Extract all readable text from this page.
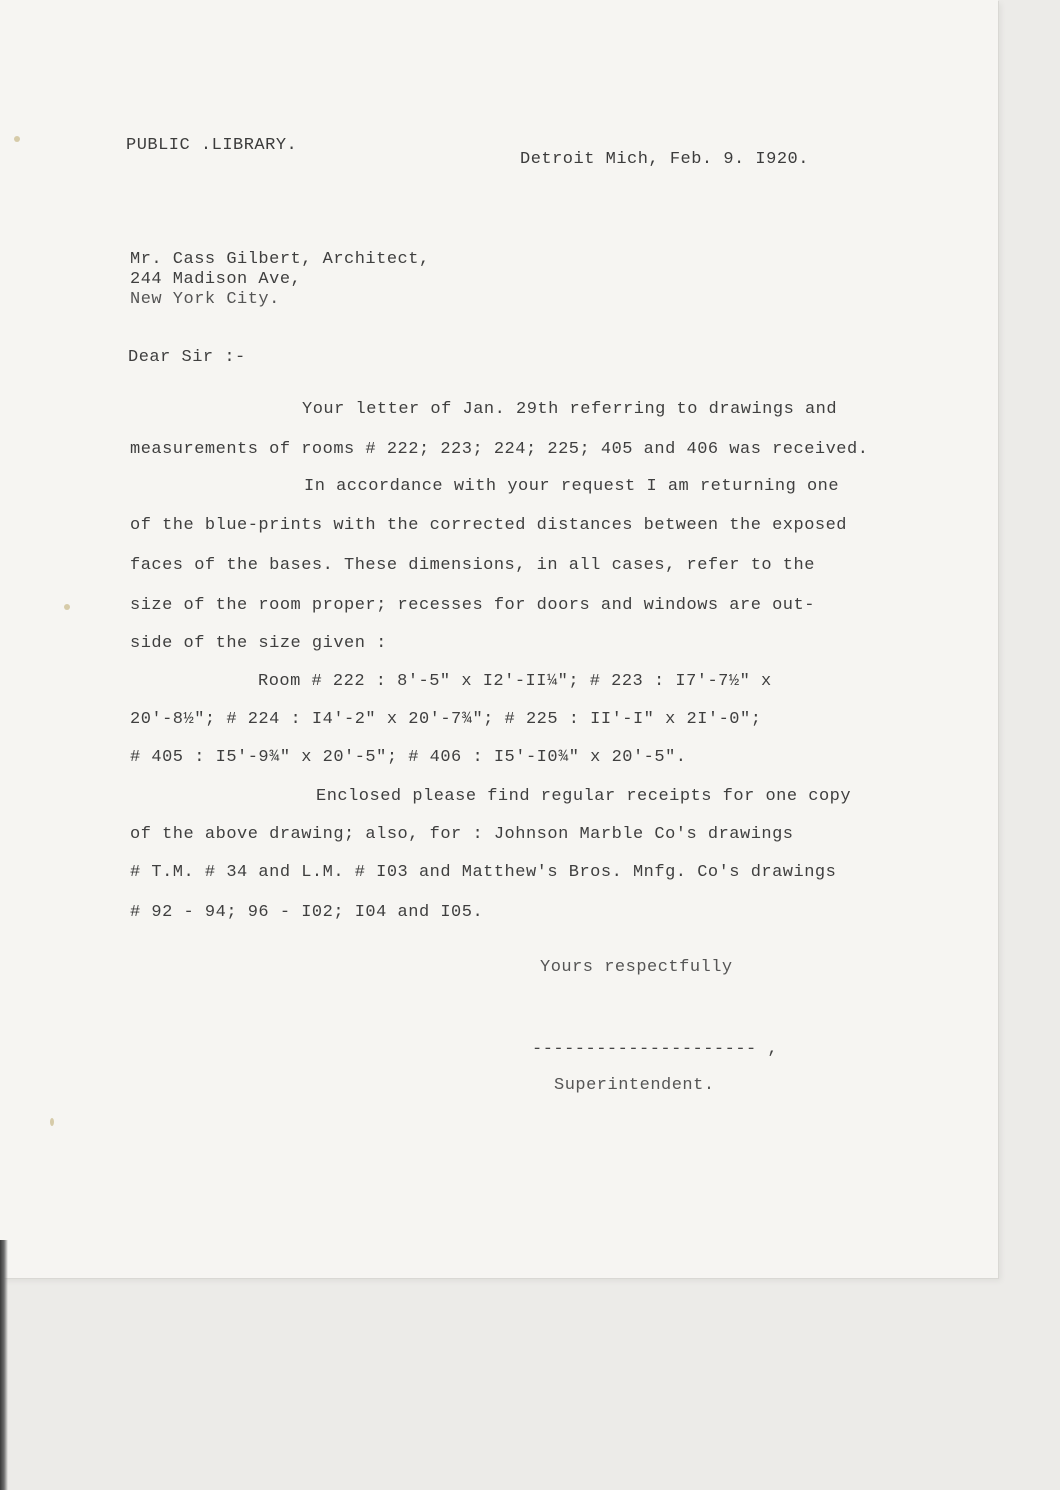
PUBLIC .LIBRARY.

Detroit Mich, Feb. 9. I920.

Mr. Cass Gilbert, Architect,

244 Madison Ave,

New York City.

Dear Sir :-

Your letter of Jan. 29th referring to drawings and

measurements of rooms # 222; 223; 224; 225; 405 and 406 was received.

In accordance with your request I am returning one

of the blue-prints with the corrected distances between the exposed

faces of the bases. These dimensions, in all cases, refer to the

size of the room proper; recesses for doors and windows are out-

side of the size given :

Room # 222 : 8'-5" x I2'-II¼"; # 223 : I7'-7½" x

20'-8½"; # 224 : I4'-2" x 20'-7¾"; # 225 : II'-I" x 2I'-0";

# 405 : I5'-9¾" x 20'-5"; # 406 : I5'-I0¾" x 20'-5".

Enclosed please find regular receipts for one copy

of the above drawing; also, for : Johnson Marble Co's drawings

# T.M. # 34 and L.M. # I03 and Matthew's Bros. Mnfg. Co's drawings

# 92 - 94; 96 - I02; I04 and I05.

Yours respectfully

--------------------- ,

Superintendent.
